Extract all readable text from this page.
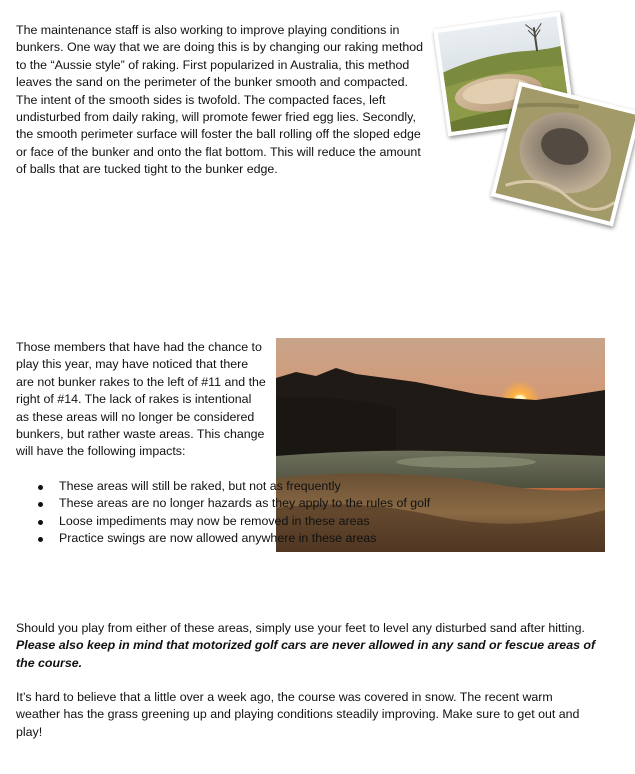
The maintenance staff is also working to improve playing conditions in bunkers. One way that we are doing this is by changing our raking method to the “Aussie style” of raking. First popularized in Australia, this method leaves the sand on the perimeter of the bunker smooth and compacted. The intent of the smooth sides is twofold. The compacted faces, left undisturbed from daily raking, will promote fewer fried egg lies. Secondly, the smooth perimeter surface will foster the ball rolling off the sloped edge or face of the bunker and onto the flat bottom. This will reduce the amount of balls that are tucked tight to the bunker edge.

Those members that have had the chance to play this year, may have noticed that there are not bunker rakes to the left of #11 and the right of #14. The lack of rakes is intentional as these areas will no longer be considered bunkers, but rather waste areas. This change will have the following impacts:

These areas will still be raked, but not as frequently
These areas are no longer hazards as they apply to the rules of golf
Loose impediments may now be removed in these areas
Practice swings are now allowed anywhere in these areas

Should you play from either of these areas, simply use your feet to level any disturbed sand after hitting. Please also keep in mind that motorized golf cars are never allowed in any sand or fescue areas of the course.

It’s hard to believe that a little over a week ago, the course was covered in snow. The recent warm weather has the grass greening up and playing conditions steadily improving. Make sure to get out and play!
